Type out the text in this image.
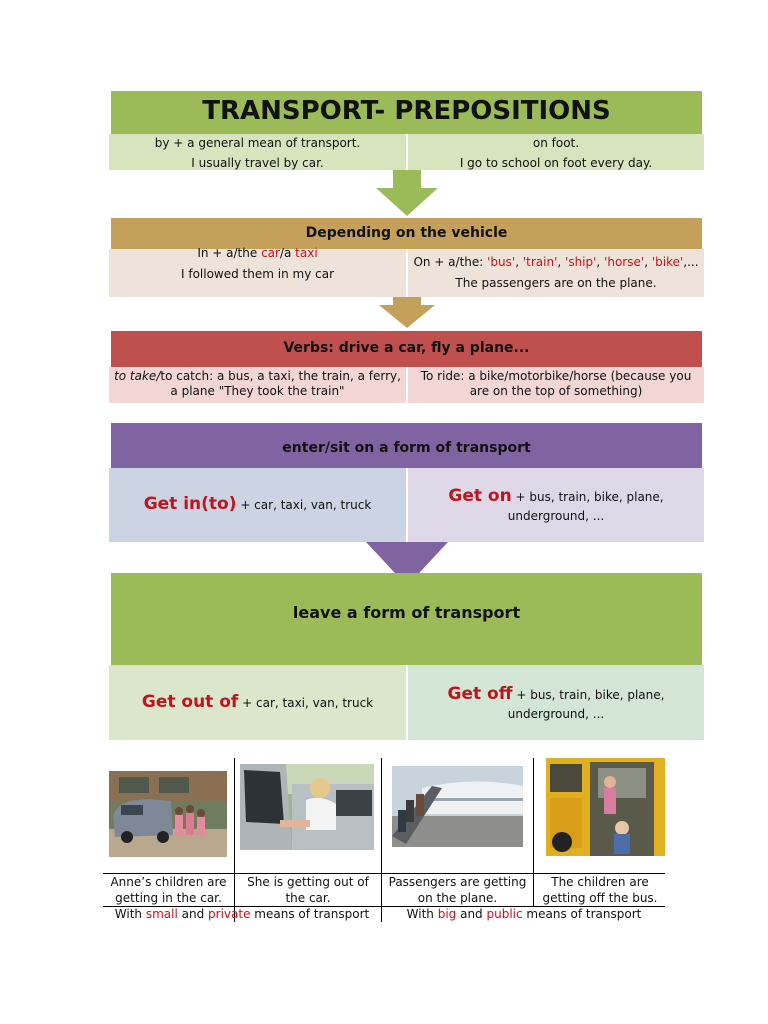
TRANSPORT- PREPOSITIONS
by + a general mean of transport.
I usually travel by car.
on foot.
I go to school on foot every day.
Depending on the vehicle
In + a/the car/a taxi
I followed them in my car
On + a/the: 'bus', 'train', 'ship', 'horse', 'bike',...
The passengers are on the plane.
Verbs: drive a car, fly a plane...
to take/to catch: a bus, a taxi, the train, a ferry, a plane "They took the train"
To ride: a bike/motorbike/horse (because you are on the top of something)
enter/sit on a form of transport
Get in(to) + car, taxi, van, truck	Get on + bus, train, bike, plane, underground, ...
leave a form of transport
Get out of + car, taxi, van, truck	Get off + bus, train, bike, plane, underground, ...
Anne’s children are getting in the car.
She is getting out of the car.
Passengers are getting on the plane.
The children are getting off the bus.
With small and private means of transport	With big and public means of transport
